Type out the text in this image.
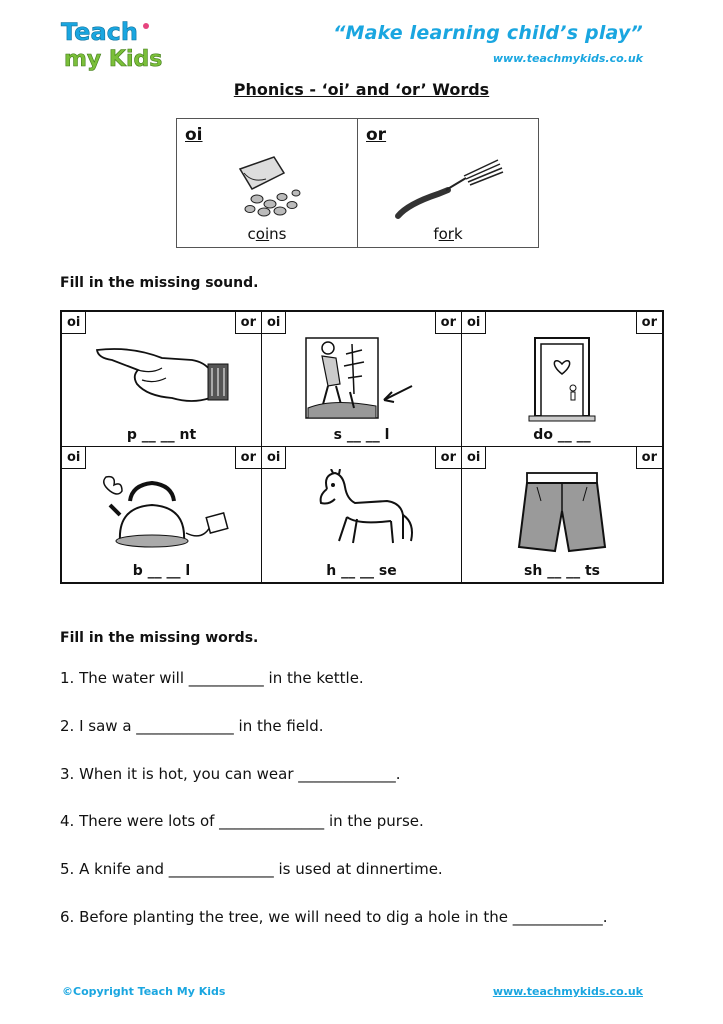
Teach
my Kids
“Make learning child’s play”
www.teachmykids.co.uk
Phonics - ‘oi’ and ‘or’ Words
oi
coins
or
fork
Fill in the missing sound.
oi	or
p __ __ nt
oi	or
s __ __ l
oi	or
do __ __
oi	or
b __ __ l
oi	or
h __ __ se
oi	or
sh __ __ ts
Fill in the missing words.
1. The water will __________ in the kettle.
2. I saw a _____________ in the field.
3. When it is hot, you can wear _____________.
4. There were lots of ______________ in the purse.
5. A knife and ______________ is used at dinnertime.
6. Before planting the tree, we will need to dig a hole in the ____________.
©Copyright Teach My Kids	www.teachmykids.co.uk
